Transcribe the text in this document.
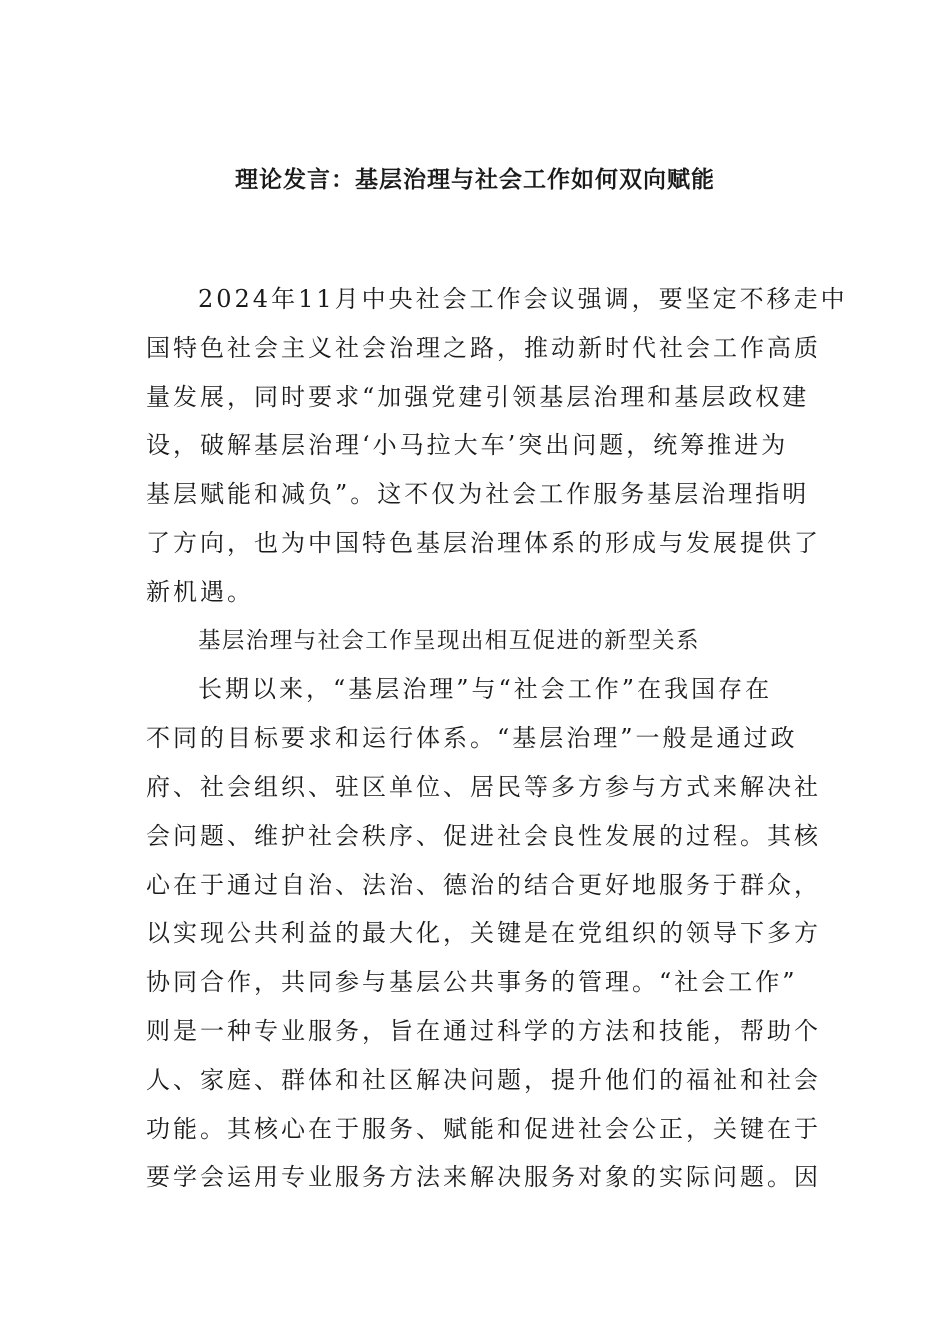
理论发言：基层治理与社会工作如何双向赋能
2024年11月中央社会工作会议强调，要坚定不移走中
国特色社会主义社会治理之路，推动新时代社会工作高质
量发展，同时要求“加强党建引领基层治理和基层政权建
设，破解基层治理‘小马拉大车’突出问题，统筹推进为
基层赋能和减负”。这不仅为社会工作服务基层治理指明
了方向，也为中国特色基层治理体系的形成与发展提供了
新机遇。
基层治理与社会工作呈现出相互促进的新型关系
长期以来，“基层治理”与“社会工作”在我国存在
不同的目标要求和运行体系。“基层治理”一般是通过政
府、社会组织、驻区单位、居民等多方参与方式来解决社
会问题、维护社会秩序、促进社会良性发展的过程。其核
心在于通过自治、法治、德治的结合更好地服务于群众，
以实现公共利益的最大化，关键是在党组织的领导下多方
协同合作，共同参与基层公共事务的管理。“社会工作”
则是一种专业服务，旨在通过科学的方法和技能，帮助个
人、家庭、群体和社区解决问题，提升他们的福祉和社会
功能。其核心在于服务、赋能和促进社会公正，关键在于
要学会运用专业服务方法来解决服务对象的实际问题。因
